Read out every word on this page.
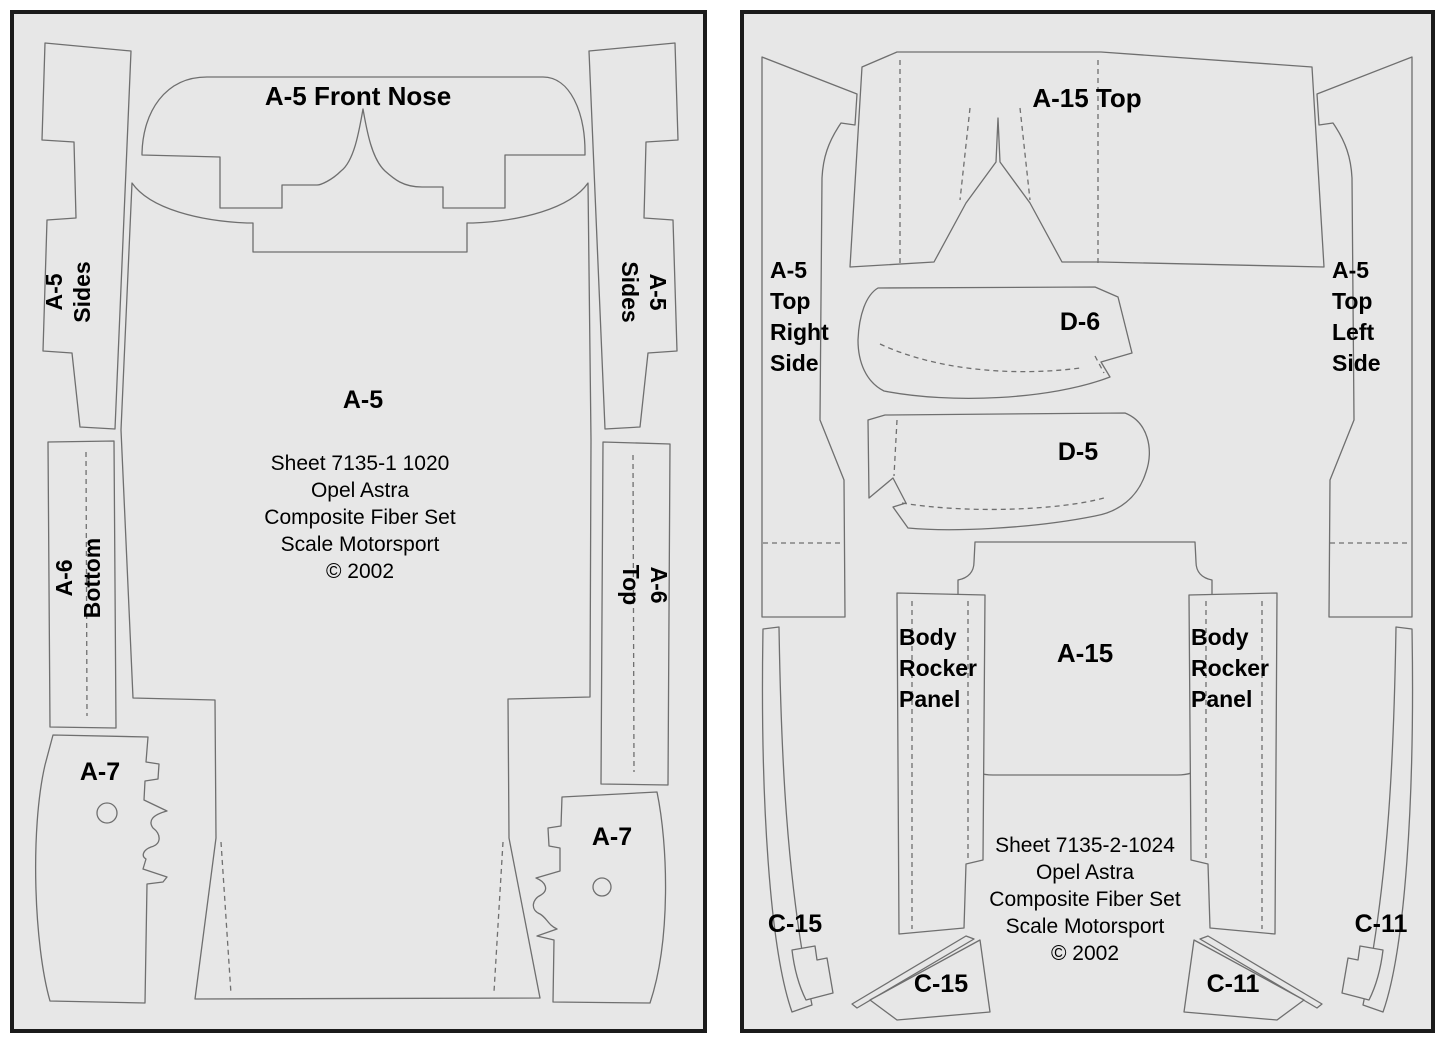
A-5 Front Nose
A-5 Sides	A-5
Sides
A-5
Sheet 7135-1 1020
Opel Astra
Composite Fiber Set
Scale Motorsport
© 2002
A-6 Bottom	A-6
Top
A-7
A-7
A-15 Top
A-5
Top
Right
Side
A-5
Top
Left
Side
D-6
D-5
A-15
Body
Rocker
Panel
Body
Rocker
Panel
C-15
C-15	C-11
C-11
Sheet 7135-2-1024
Opel Astra
Composite Fiber Set
Scale Motorsport
© 2002
